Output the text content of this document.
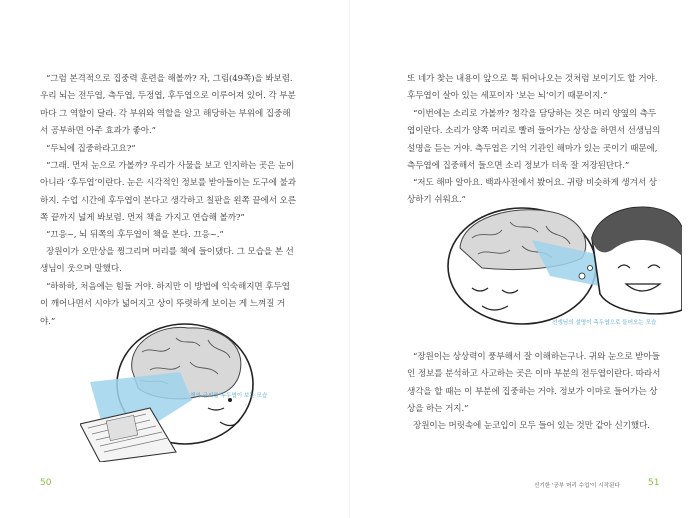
“그럼 본격적으로 집중력 훈련을 해볼까? 자, 그림(49쪽)을 봐보렴. 우리 뇌는 전두엽, 측두엽, 두정엽, 후두엽으로 이루어져 있어. 각 부분마다 그 역할이 달라. 각 부위와 역할을 알고 해당하는 부위에 집중해서 공부하면 아주 효과가 좋아.”

“두뇌에 집중하라고요?”

“그래. 먼저 눈으로 가볼까? 우리가 사물을 보고 인지하는 곳은 눈이 아니라 ‘후두엽’이란다. 눈은 시각적인 정보를 받아들이는 도구에 불과하지. 수업 시간에 후두엽이 본다고 생각하고 칠판을 왼쪽 끝에서 오른쪽 끝까지 넓게 봐보렴. 먼저 책을 가지고 연습해 볼까?”

“끄응~, 뇌 뒤쪽의 후두엽이 책을 본다. 끄응~.”

장원이가 오만상을 찡그리며 머리를 책에 들이댔다. 그 모습을 본 선생님이 웃으며 말했다.

“하하하, 처음에는 힘들 거야. 하지만 이 방법에 익숙해지면 후두엽이 깨어나면서 시야가 넓어지고 상이 뚜렷하게 보이는 게 느껴질 거야.”

책의 글씨를 후두엽이 보는 모습

50

또 네가 찾는 내용이 앞으로 툭 튀어나오는 것처럼 보이기도 할 거야. 후두엽이 살아 있는 세포이자 ‘보는 뇌’이기 때문이지.”

“이번에는 소리로 가볼까? 청각을 담당하는 것은 머리 양옆의 측두엽이란다. 소리가 양쪽 머리로 빨려 들어가는 상상을 하면서 선생님의 설명을 듣는 거야. 측두엽은 기억 기관인 해마가 있는 곳이기 때문에, 측두엽에 집중해서 들으면 소리 정보가 더욱 잘 저장된단다.”

“저도 해마 알아요. 백과사전에서 봤어요. 귀랑 비슷하게 생겨서 상상하기 쉬워요.”

선생님의 설명이 측두엽으로 들어오는 모습

“장원이는 상상력이 풍부해서 잘 이해하는구나. 귀와 눈으로 받아들인 정보를 분석하고 사고하는 곳은 이마 부분의 전두엽이란다. 따라서 생각을 할 때는 이 부분에 집중하는 거야. 정보가 이마로 들어가는 상상을 하는 거지.”

장원이는 머릿속에 눈코입이 모두 들어 있는 것만 같아 신기했다.

신기한 '공부 머리 수업'이 시작된다	51
